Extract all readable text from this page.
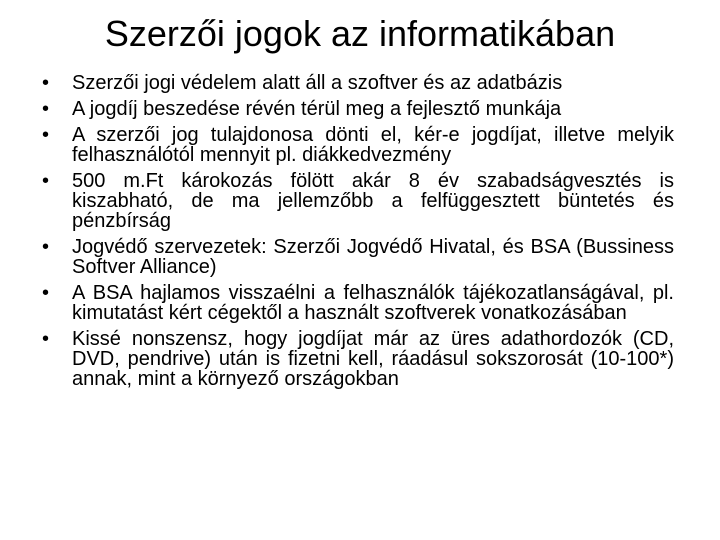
Szerzői jogok az informatikában
•	Szerzői jogi védelem alatt áll a szoftver és az adatbázis
•	A jogdíj beszedése révén térül meg a fejlesztő munkája
•	A szerzői jog tulajdonosa dönti el, kér-e jogdíjat, illetve melyik felhasználótól mennyit pl. diákkedvezmény
•	500 m.Ft károkozás fölött akár 8 év szabadságvesztés is kiszabható, de ma jellemzőbb a felfüggesztett büntetés és pénzbírság
•	Jogvédő szervezetek: Szerzői Jogvédő Hivatal, és BSA (Bussiness Softver Alliance)
•	A BSA hajlamos visszaélni a felhasználók tájékozatlanságával, pl. kimutatást kért cégektől a használt szoftverek vonatkozásában
•	Kissé nonszensz, hogy jogdíjat már az üres adathordozók (CD, DVD, pendrive) után is fizetni kell, ráadásul sokszorosát (10-100*) annak, mint a környező országokban
